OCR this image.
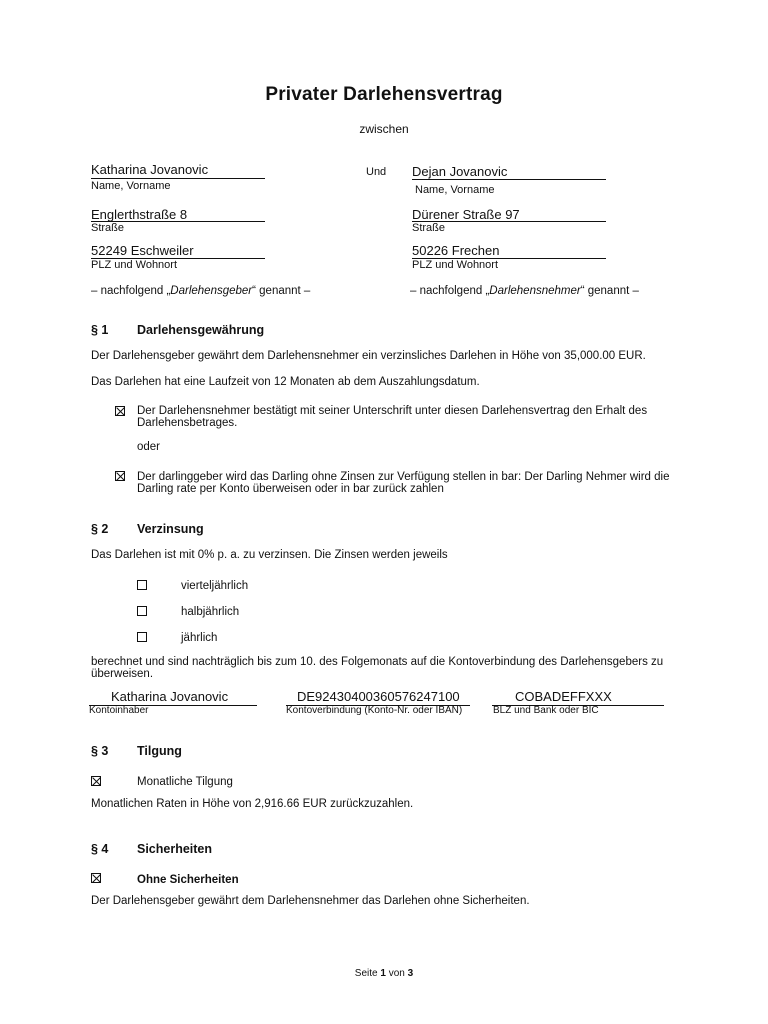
Privater Darlehensvertrag
zwischen
Katharina Jovanovic
Name, Vorname
Englerthstraße 8
Straße
52249 Eschweiler
PLZ und Wohnort
– nachfolgend „Darlehensgeber“ genannt –
Und Dejan Jovanovic
Name, Vorname
Dürener Straße 97
Straße
50226 Frechen
PLZ und Wohnort
– nachfolgend „Darlehensnehmer“ genannt –
§ 1 Darlehensgewährung
Der Darlehensgeber gewährt dem Darlehensnehmer ein verzinsliches Darlehen in Höhe von 35,000.00 EUR.
Das Darlehen hat eine Laufzeit von 12 Monaten ab dem Auszahlungsdatum.
Der Darlehensnehmer bestätigt mit seiner Unterschrift unter diesen Darlehensvertrag den Erhalt des Darlehensbetrages.
oder
Der darlinggeber wird das Darling ohne Zinsen zur Verfügung stellen in bar: Der Darling Nehmer wird die Darling rate per Konto überweisen oder in bar zurück zahlen
§ 2 Verzinsung
Das Darlehen ist mit 0% p. a. zu verzinsen. Die Zinsen werden jeweils
vierteljährlich
halbjährlich
jährlich
berechnet und sind nachträglich bis zum 10. des Folgemonats auf die Kontoverbindung des Darlehensgebers zu überweisen.
Katharina Jovanovic	DE92430400360576247100	COBADEFFXXX
Kontoinhaber	Kontoverbindung (Konto-Nr. oder IBAN)	BLZ und Bank oder BIC
§ 3 Tilgung
Monatliche Tilgung
Monatlichen Raten in Höhe von 2,916.66 EUR zurückzuzahlen.
§ 4 Sicherheiten
Ohne Sicherheiten
Der Darlehensgeber gewährt dem Darlehensnehmer das Darlehen ohne Sicherheiten.
Seite 1 von 3
